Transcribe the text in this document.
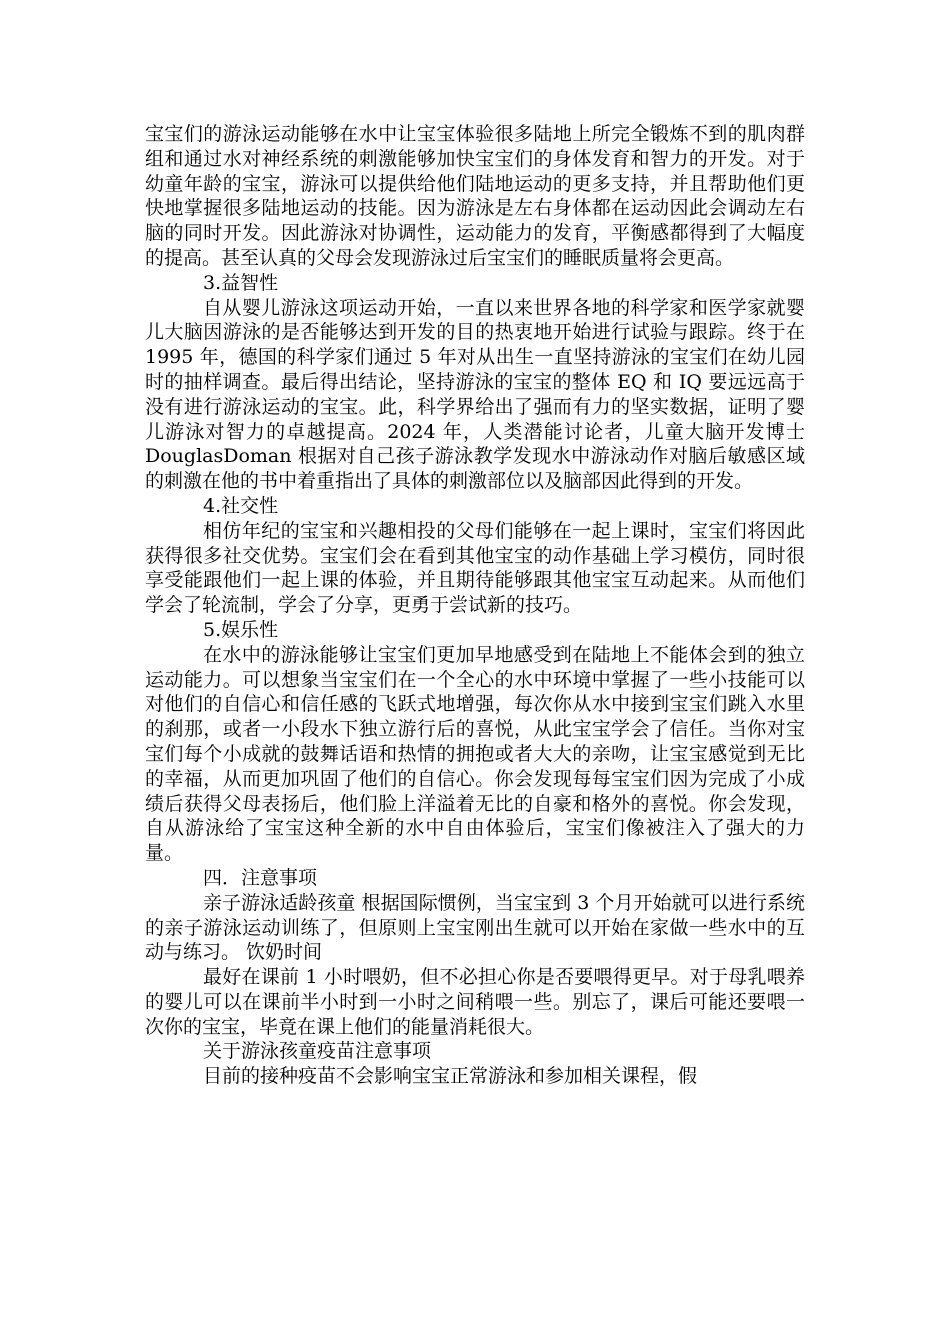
宝宝们的游泳运动能够在水中让宝宝体验很多陆地上所完全锻炼不到的肌肉群组和通过水对神经系统的刺激能够加快宝宝们的身体发育和智力的开发。对于幼童年龄的宝宝，游泳可以提供给他们陆地运动的更多支持，并且帮助他们更快地掌握很多陆地运动的技能。因为游泳是左右身体都在运动因此会调动左右脑的同时开发。因此游泳对协调性，运动能力的发育，平衡感都得到了大幅度的提高。甚至认真的父母会发现游泳过后宝宝们的睡眠质量将会更高。

3.益智性

自从婴儿游泳这项运动开始，一直以来世界各地的科学家和医学家就婴儿大脑因游泳的是否能够达到开发的目的热衷地开始进行试验与跟踪。终于在 1995 年，德国的科学家们通过 5 年对从出生一直坚持游泳的宝宝们在幼儿园时的抽样调查。最后得出结论，坚持游泳的宝宝的整体 EQ 和 IQ 要远远高于没有进行游泳运动的宝宝。此，科学界给出了强而有力的坚实数据，证明了婴儿游泳对智力的卓越提高。2024 年，人类潜能讨论者，儿童大脑开发博士 DouglasDoman 根据对自己孩子游泳教学发现水中游泳动作对脑后敏感区域的刺激在他的书中着重指出了具体的刺激部位以及脑部因此得到的开发。

4.社交性

相仿年纪的宝宝和兴趣相投的父母们能够在一起上课时，宝宝们将因此获得很多社交优势。宝宝们会在看到其他宝宝的动作基础上学习模仿，同时很享受能跟他们一起上课的体验，并且期待能够跟其他宝宝互动起来。从而他们学会了轮流制，学会了分享，更勇于尝试新的技巧。

5.娱乐性

在水中的游泳能够让宝宝们更加早地感受到在陆地上不能体会到的独立运动能力。可以想象当宝宝们在一个全心的水中环境中掌握了一些小技能可以对他们的自信心和信任感的飞跃式地增强，每次你从水中接到宝宝们跳入水里的刹那，或者一小段水下独立游行后的喜悦，从此宝宝学会了信任。当你对宝宝们每个小成就的鼓舞话语和热情的拥抱或者大大的亲吻，让宝宝感觉到无比的幸福，从而更加巩固了他们的自信心。你会发现每每宝宝们因为完成了小成绩后获得父母表扬后，他们脸上洋溢着无比的自豪和格外的喜悦。你会发现，自从游泳给了宝宝这种全新的水中自由体验后，宝宝们像被注入了强大的力量。

四．注意事项

亲子游泳适龄孩童 根据国际惯例，当宝宝到 3 个月开始就可以进行系统的亲子游泳运动训练了，但原则上宝宝刚出生就可以开始在家做一些水中的互动与练习。 饮奶时间

最好在课前 1 小时喂奶，但不必担心你是否要喂得更早。对于母乳喂养的婴儿可以在课前半小时到一小时之间稍喂一些。别忘了，课后可能还要喂一次你的宝宝，毕竟在课上他们的能量消耗很大。

关于游泳孩童疫苗注意事项

目前的接种疫苗不会影响宝宝正常游泳和参加相关课程，假
